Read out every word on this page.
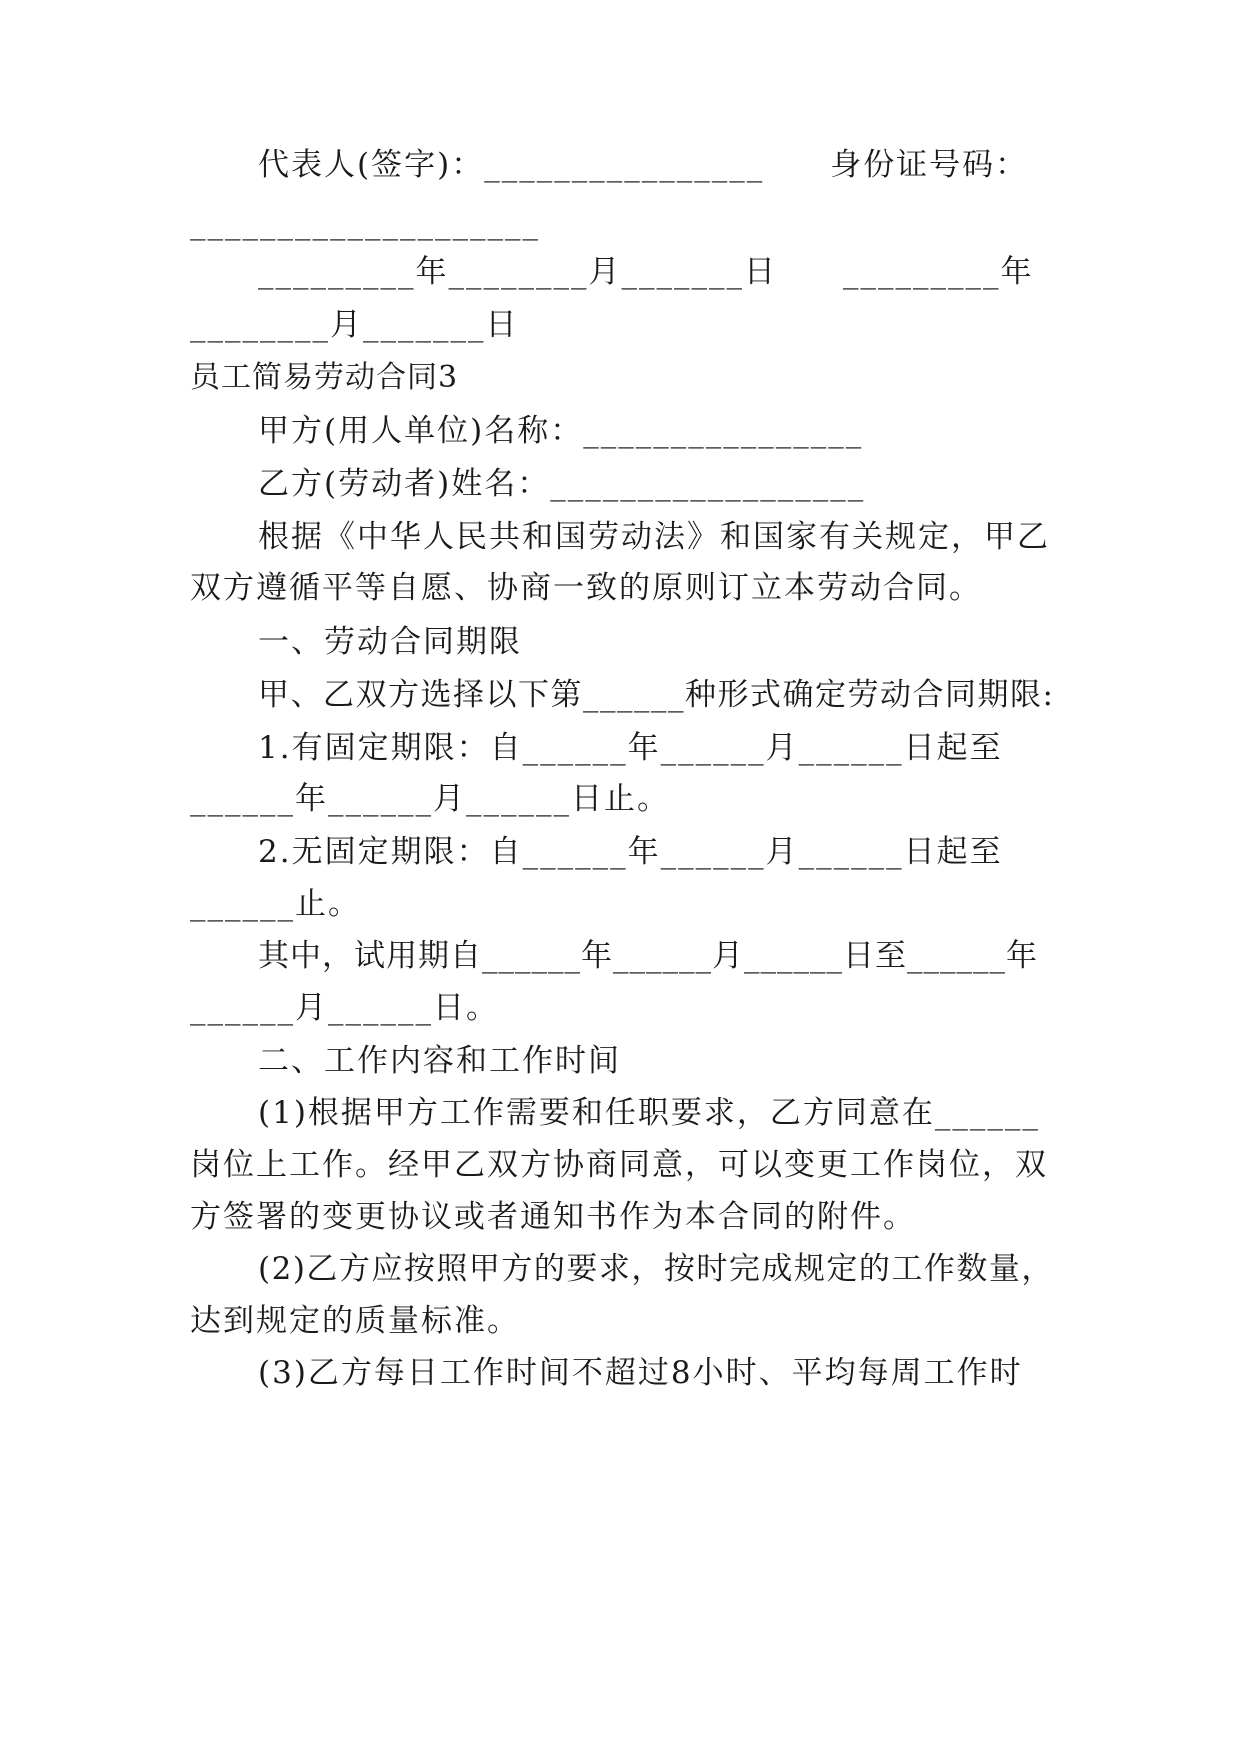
代表人(签字)：________________　　身份证号码：
____________________
_________年________月_______日　　_________年
________月_______日
员工简易劳动合同3
甲方(用人单位)名称：________________
乙方(劳动者)姓名：__________________
根据《中华人民共和国劳动法》和国家有关规定，甲乙
双方遵循平等自愿、协商一致的原则订立本劳动合同。
一、劳动合同期限
甲、乙双方选择以下第______种形式确定劳动合同期限:
1.有固定期限：自______年______月______日起至
______年______月______日止。
2.无固定期限：自______年______月______日起至
______止。
其中，试用期自______年______月______日至______年
______月______日。
二、工作内容和工作时间
(1)根据甲方工作需要和任职要求，乙方同意在______
岗位上工作。经甲乙双方协商同意，可以变更工作岗位，双
方签署的变更协议或者通知书作为本合同的附件。
(2)乙方应按照甲方的要求，按时完成规定的工作数量，
达到规定的质量标准。
(3)乙方每日工作时间不超过8小时、平均每周工作时
